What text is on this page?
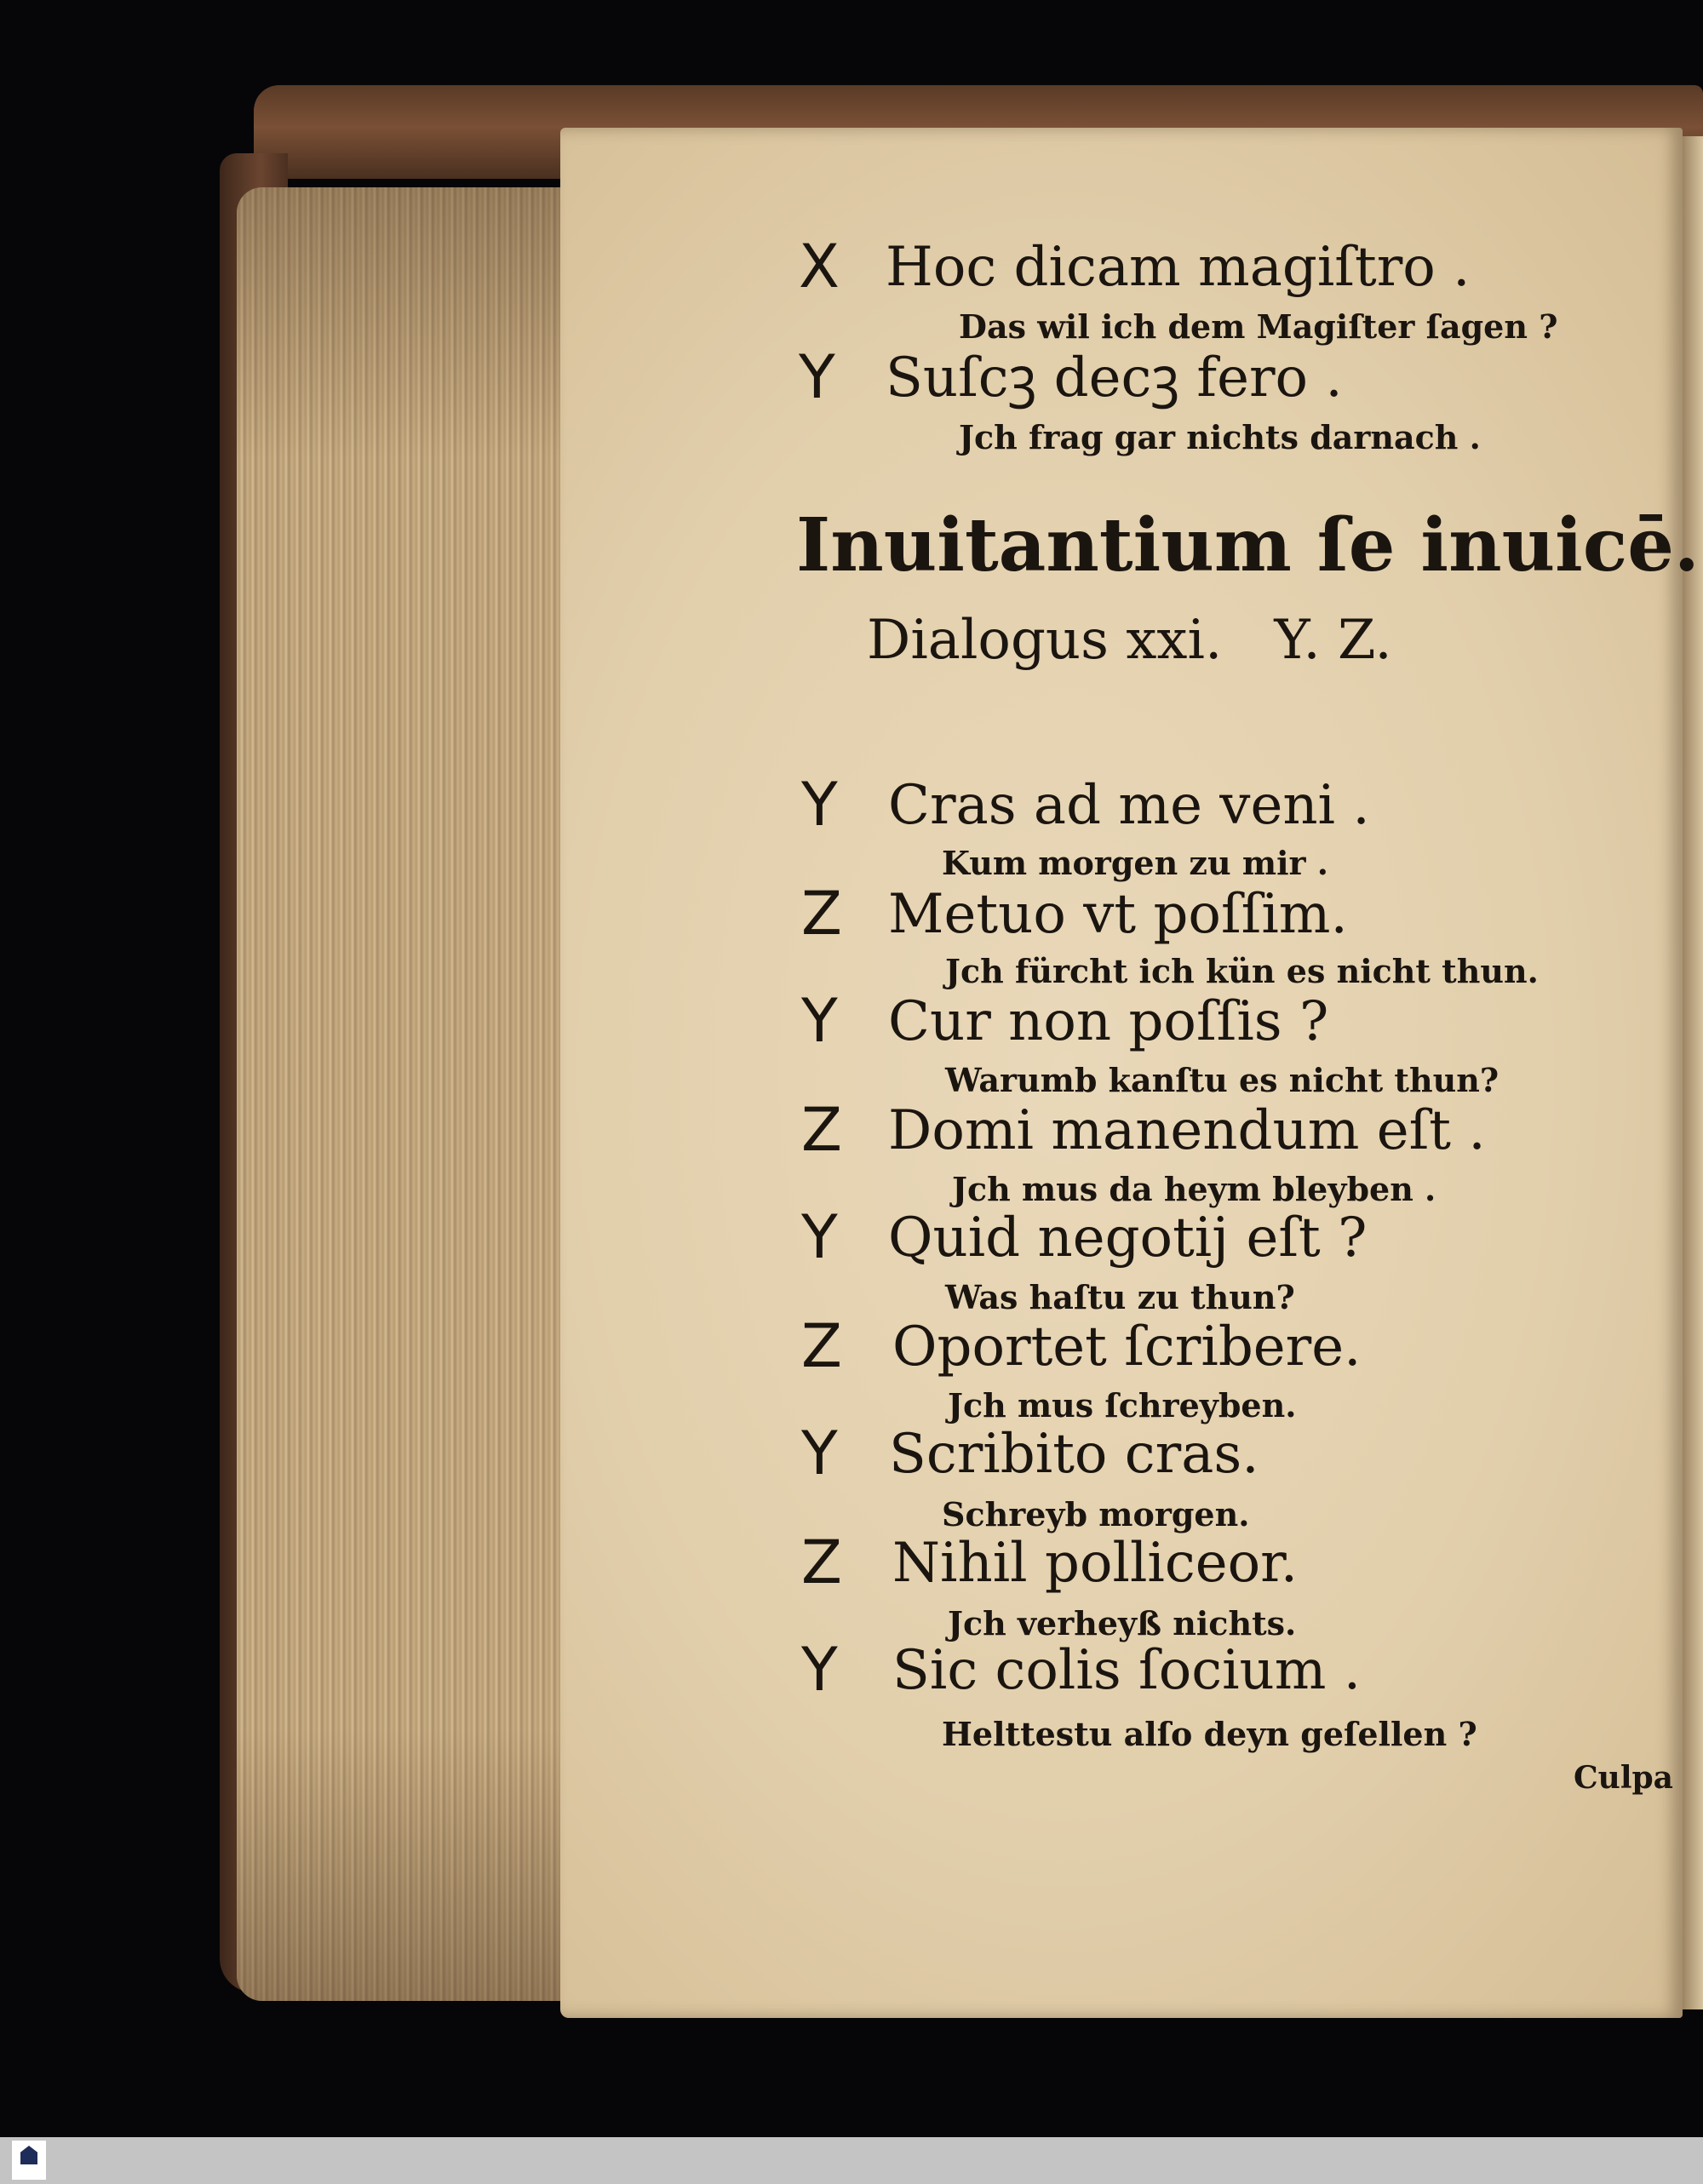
X Hoc dicam magiſtro .
Das wil ich dem Magiſter ſagen ?
Y Suſcꝫ decꝫ fero .
Jch frag gar nichts darnach .
Inuitantium ſe inuicē.
Dialogus xxi.   Y. Z.
Y Cras ad me veni .
Kum morgen zu mir .
Z Metuo vt poſſim.
Jch fürcht ich kün es nicht thun.
Y Cur non poſſis ?
Warumb kanſtu es nicht thun?
Z Domi manendum eſt .
Jch mus da heym bleyben .
Y Quid negotij eſt ?
Was haſtu zu thun?
Z Oportet ſcribere.
Jch mus ſchreyben.
Y Scribito cras.
Schreyb morgen.
Z Nihil polliceor.
Jch verheyß nichts.
Y Sic colis ſocium .
Helttestu alſo deyn geſellen ?
Culpa
